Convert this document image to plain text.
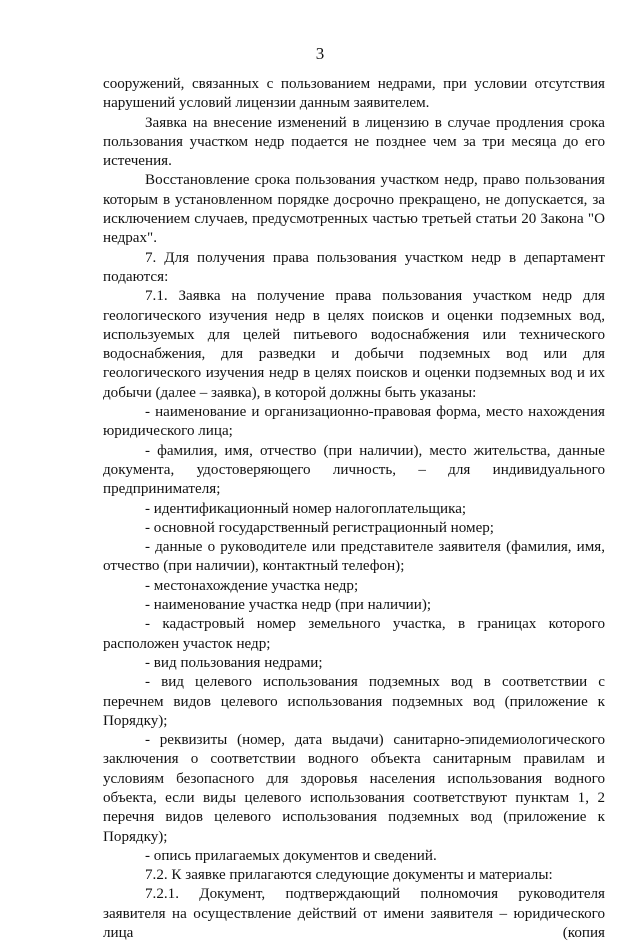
3

сооружений, связанных с пользованием недрами, при условии отсутствия нарушений условий лицензии данным заявителем.

Заявка на внесение изменений в лицензию в случае продления срока пользования участком недр подается не позднее чем за три месяца до его истечения.

Восстановление срока пользования участком недр, право пользования которым в установленном порядке досрочно прекращено, не допускается, за исключением случаев, предусмотренных частью третьей статьи 20 Закона "О недрах".

7. Для получения права пользования участком недр в департамент подаются:

7.1. Заявка на получение права пользования участком недр для геологического изучения недр в целях поисков и оценки подземных вод, используемых для целей питьевого водоснабжения или технического водоснабжения, для разведки и добычи подземных вод или для геологического изучения недр в целях поисков и оценки подземных вод и их добычи (далее – заявка), в которой должны быть указаны:

- наименование и организационно-правовая форма, место нахождения юридического лица;

- фамилия, имя, отчество (при наличии), место жительства, данные документа, удостоверяющего личность, – для индивидуального предпринимателя;

- идентификационный номер налогоплательщика;

- основной государственный регистрационный номер;

- данные о руководителе или представителе заявителя (фамилия, имя, отчество (при наличии), контактный телефон);

- местонахождение участка недр;

- наименование участка недр (при наличии);

- кадастровый номер земельного участка, в границах которого расположен участок недр;

- вид пользования недрами;

- вид целевого использования подземных вод в соответствии с перечнем видов целевого использования подземных вод (приложение к Порядку);

- реквизиты (номер, дата выдачи) санитарно-эпидемиологического заключения о соответствии водного объекта санитарным правилам и условиям безопасного для здоровья населения использования водного объекта, если виды целевого использования соответствуют пунктам 1, 2 перечня видов целевого использования подземных вод (приложение к Порядку);

- опись прилагаемых документов и сведений.

7.2. К заявке прилагаются следующие документы и материалы:

7.2.1. Документ, подтверждающий полномочия руководителя заявителя на осуществление действий от имени заявителя – юридического лица (копия
